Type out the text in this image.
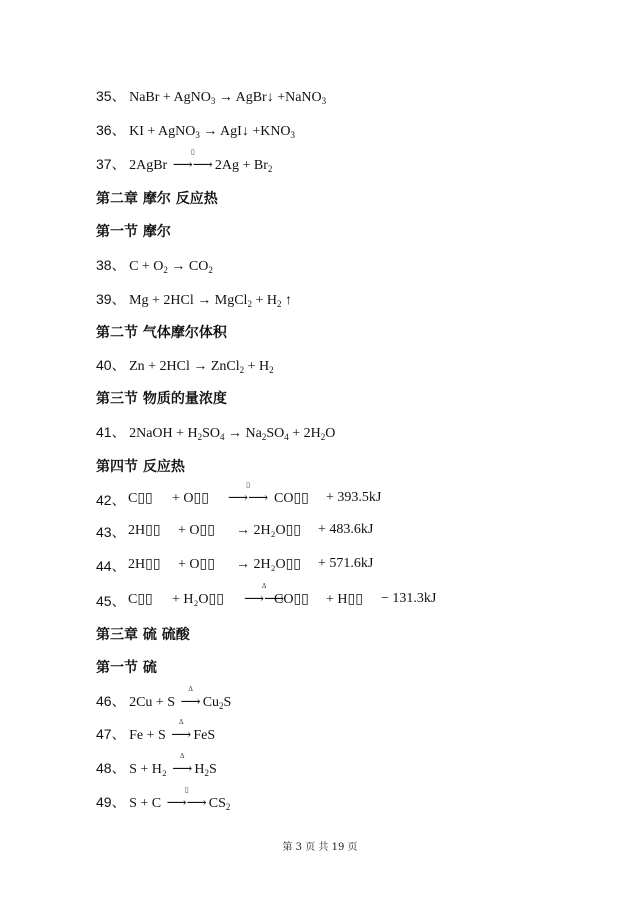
35、 NaBr + AgNO$_3$ → AgBr↓ +NaNO$_3$
36、 KI + AgNO$_3$ → AgI↓ $+KNO_3$
37、 2AgBr
▯
⟶⟶ $2Ag + Br_2$
第二章 摩尔 反应热
第一节 摩尔
38、 $C + O_2 \to CO_2$
39、 Mg + 2HCl → MgCl$_2$ + $H_2$ ↑
第二节 气体摩尔体积
40、 Zn + 2HCl → ZnCl$_2$ + $H_2$
第三节 物质的量浓度
41、 2NaOH + $H_2SO_4 \to Na_2SO_4 + 2H_2O$
第四节 反应热
42、 C▯▯ + O▯▯
▯
⟶⟶ CO▯▯ + 393.5kJ
43、 2H▯▯ + O▯▯ → 2H₂O▯▯ + 483.6kJ
44、 2H▯▯ + O▯▯ → 2H₂O▯▯ + 571.6kJ
45、 C▯▯ + H₂O▯▯
Δ
⟶⟶
CO▯▯ + H▯▯ − 131.3kJ
第三章 硫 硫酸
第一节 硫
46、 2Cu + S
Δ
⟶ $Cu_2S$
47、 Fe + S
Δ
⟶ FeS
48、 S + H₂
Δ
⟶ $H_2S$
49、 S + C
▯
⟶⟶ $CS_2$
第 3 页 共 19 页
